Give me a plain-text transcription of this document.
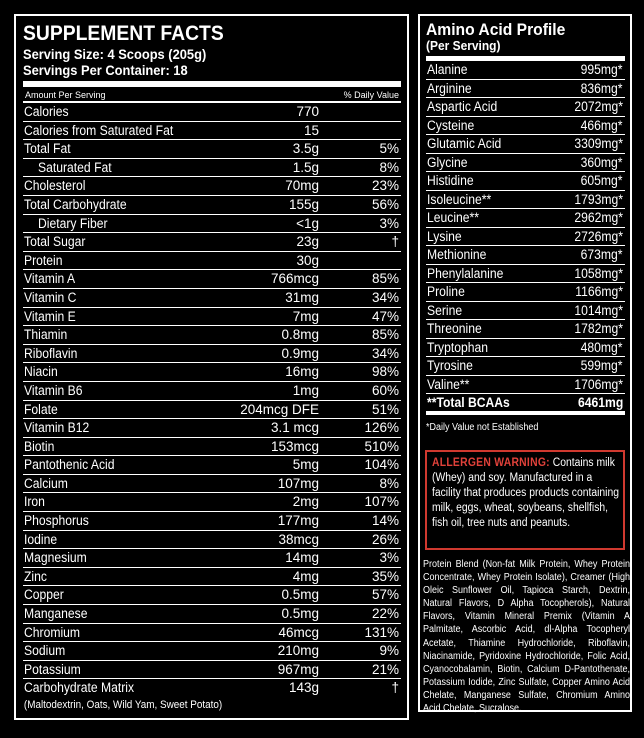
SUPPLEMENT FACTS
Serving Size: 4 Scoops (205g)
Servings Per Container: 18
Amount Per Serving	% Daily Value
Calories	770
Calories from Saturated Fat	15
Total Fat	3.5g	5%
Saturated Fat	1.5g	8%
Cholesterol	70mg	23%
Total Carbohydrate	155g	56%
Dietary Fiber	<1g	3%
Total Sugar	23g	†
Protein	30g
Vitamin A	766mcg	85%
Vitamin C	31mg	34%
Vitamin E	7mg	47%
Thiamin	0.8mg	85%
Riboflavin	0.9mg	34%
Niacin	16mg	98%
Vitamin B6	1mg	60%
Folate	204mcg DFE	51%
Vitamin B12	3.1 mcg	126%
Biotin	153mcg	510%
Pantothenic Acid	5mg	104%
Calcium	107mg	8%
Iron	2mg	107%
Phosphorus	177mg	14%
Iodine	38mcg	26%
Magnesium	14mg	3%
Zinc	4mg	35%
Copper	0.5mg	57%
Manganese	0.5mg	22%
Chromium	46mcg	131%
Sodium	210mg	9%
Potassium	967mg	21%
Carbohydrate Matrix	143g	†
(Maltodextrin, Oats, Wild Yam, Sweet Potato)
Amino Acid Profile
(Per Serving)
Alanine	995mg*
Arginine	836mg*
Aspartic Acid	2072mg*
Cysteine	466mg*
Glutamic Acid	3309mg*
Glycine	360mg*
Histidine	605mg*
Isoleucine**	1793mg*
Leucine**	2962mg*
Lysine	2726mg*
Methionine	673mg*
Phenylalanine	1058mg*
Proline	1166mg*
Serine	1014mg*
Threonine	1782mg*
Tryptophan	480mg*
Tyrosine	599mg*
Valine**	1706mg*
**Total BCAAs	6461mg
*Daily Value not Established

ALLERGEN WARNING: Contains milk (Whey) and soy. Manufactured in a facility that produces products containing milk, eggs, wheat, soybeans, shellfish, fish oil, tree nuts and peanuts.

Protein Blend (Non-fat Milk Protein, Whey Protein Concentrate, Whey Protein Isolate), Creamer (High Oleic Sunflower Oil, Tapioca Starch, Dextrin, Natural Flavors, D Alpha Tocopherols), Natural Flavors, Vitamin Mineral Premix (Vitamin A Palmitate, Ascorbic Acid, dl-Alpha Tocopheryl Acetate, Thiamine Hydrochloride, Riboflavin, Niacinamide, Pyridoxine Hydrochloride, Folic Acid, Cyanocobalamin, Biotin, Calcium D-Pantothenate, Potassium Iodide, Zinc Sulfate, Copper Amino Acid Chelate, Manganese Sulfate, Chromium Amino Acid Chelate, Sucralose.
